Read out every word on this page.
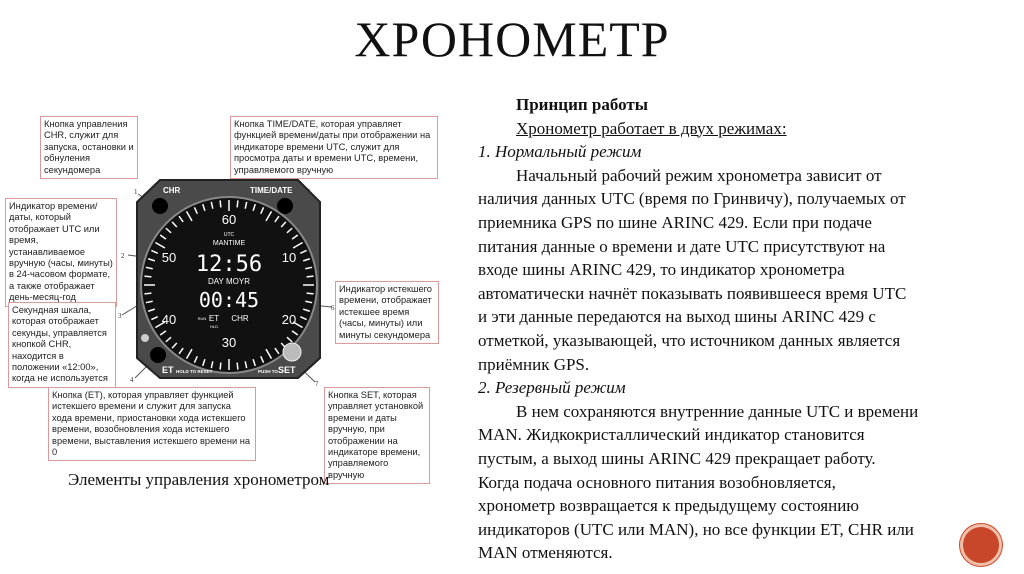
ХРОНОМЕТР
Принцип работы
Хронометр работает в двух режимах:
1. Нормальный режим
Начальный рабочий режим хронометра зависит от
наличия данных UTC (время по Гринвичу), получаемых от
приемника GPS по шине ARINC 429. Если при подаче
питания данные о времени и дате UTC присутствуют на
входе шины ARINC 429, то индикатор хронометра
автоматически начнёт показывать появившееся время UTC
и эти данные передаются на выход шины ARINC 429 с
отметкой, указывающей, что источником данных является
приёмник GPS.
2. Резервный режим
В нем сохраняются внутренние данные UTC и времени
MAN. Жидкокристаллический индикатор становится
пустым, а выход шины ARINC 429 прекращает работу.
Когда подача основного питания возобновляется,
хронометр возвращается к предыдущему состоянию
индикаторов (UTC или MAN), но все функции ET, CHR или
MAN отменяются.
Кнопка управления CHR, служит для запуска, остановки и обнуления секундомера
Кнопка TIME/DATE, которая управляет функцией времени/даты при отображении на индикаторе времени UTC, служит для просмотра даты и времени UTC, времени, управляемого вручную
Индикатор времени/даты, который отображает UTC или время, устанавливаемое вручную (часы, минуты) в 24-часовом формате, а также отображает день-месяц-год
Индикатор истекшего времени, отображает истекшее время (часы, минуты) или минуты секундомера
Секундная шкала, которая отображает секунды, управляется кнопкой CHR, находится в положении «12:00», когда не используется
Кнопка (ET), которая управляет функцией истекшего времени и служит для запуска хода времени, приостановки хода истекшего времени, возобновления хода истекшего времени, выставления истекшего времени на 0
Кнопка SET, которая управляет установкой времени и даты вручную, при отображении на индикаторе времени, управляемого вручную
CHR	TIME/DATE
ET HOLD TO RESET	PUSH TO SET
60
10
20
30
40
50
UTC
MANTIME
12:56
DAY MOYR
00:45
RUN ET
HLD
CHR
1	5
2
3
6
4	7
Элементы управления хронометром
